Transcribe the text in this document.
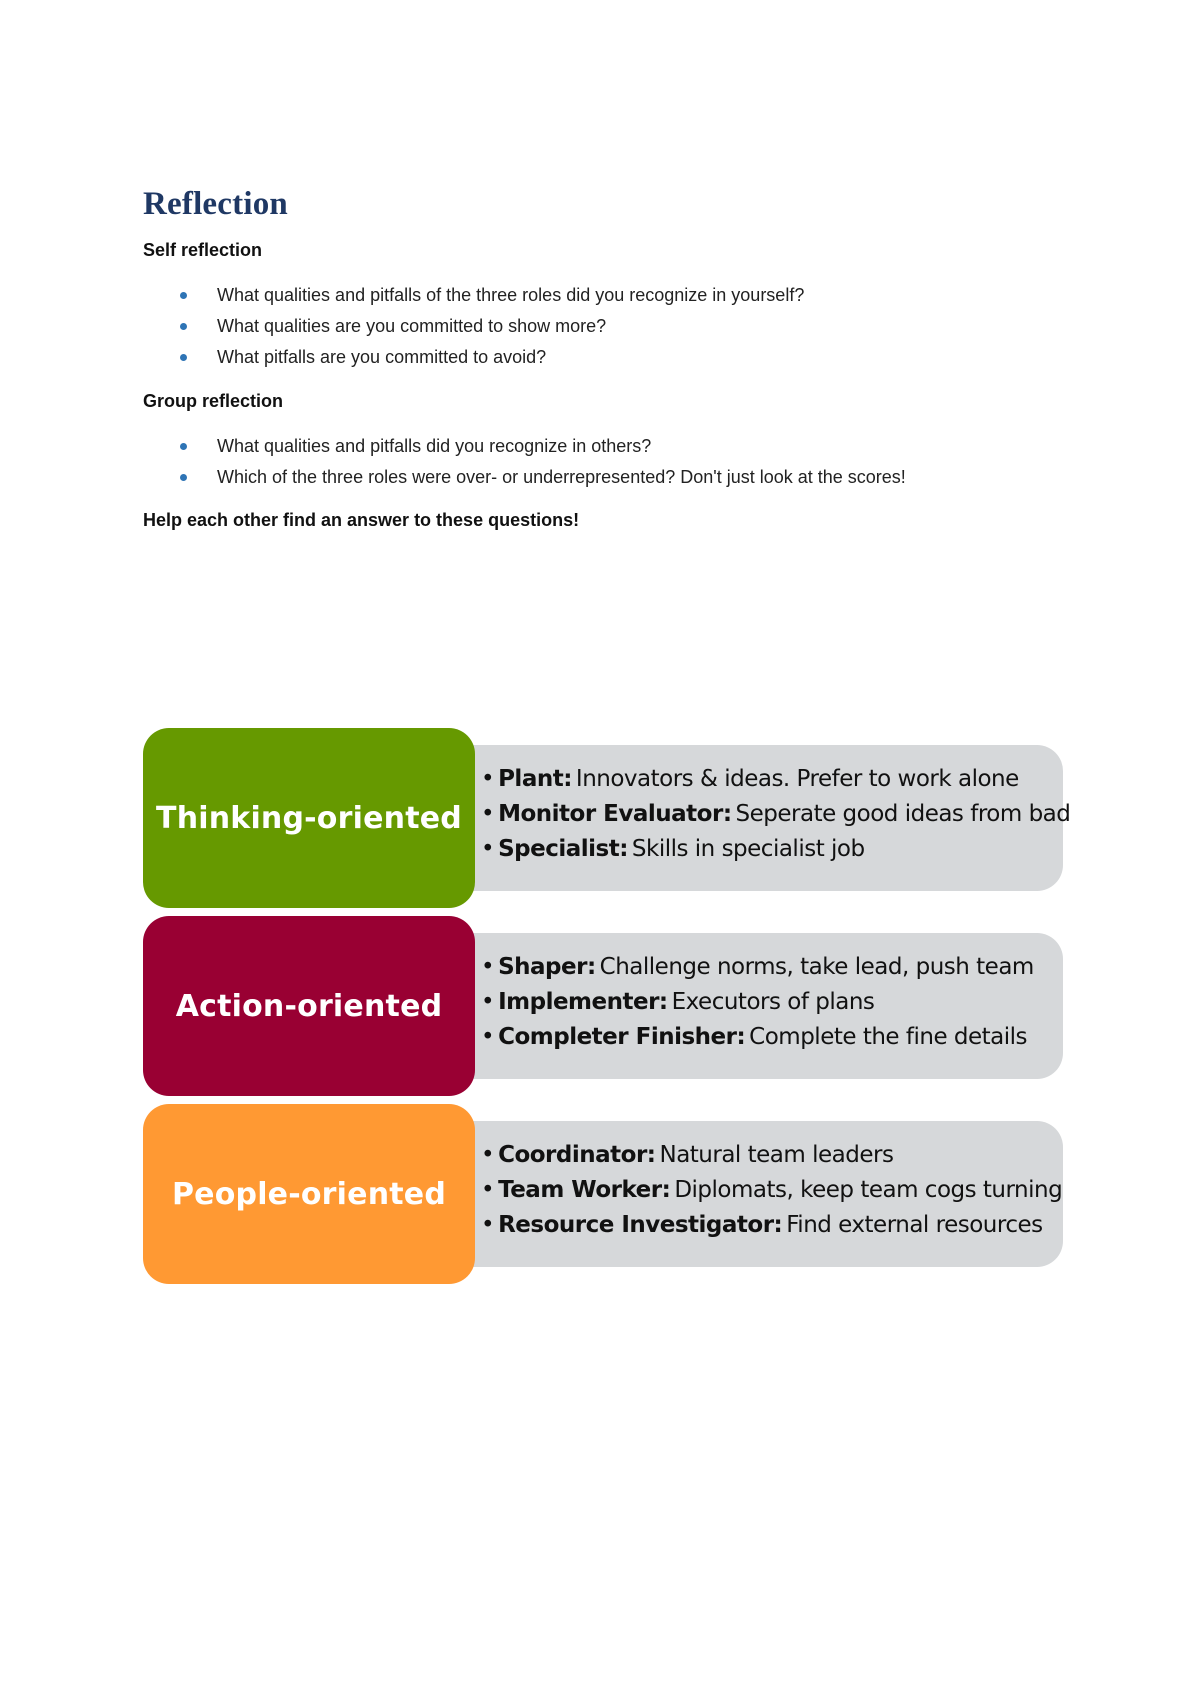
Reflection

Self reflection

What qualities and pitfalls of the three roles did you recognize in yourself?
What qualities are you committed to show more?
What pitfalls are you committed to avoid?

Group reflection

What qualities and pitfalls did you recognize in others?
Which of the three roles were over- or underrepresented? Don't just look at the scores!

Help each other find an answer to these questions!

Thinking-oriented
• Plant: Innovators & ideas. Prefer to work alone
• Monitor Evaluator: Seperate good ideas from bad
• Specialist: Skills in specialist job
Action-oriented
• Shaper: Challenge norms, take lead, push team
• Implementer: Executors of plans
• Completer Finisher: Complete the fine details
People-oriented
• Coordinator: Natural team leaders
• Team Worker: Diplomats, keep team cogs turning
• Resource Investigator: Find external resources
